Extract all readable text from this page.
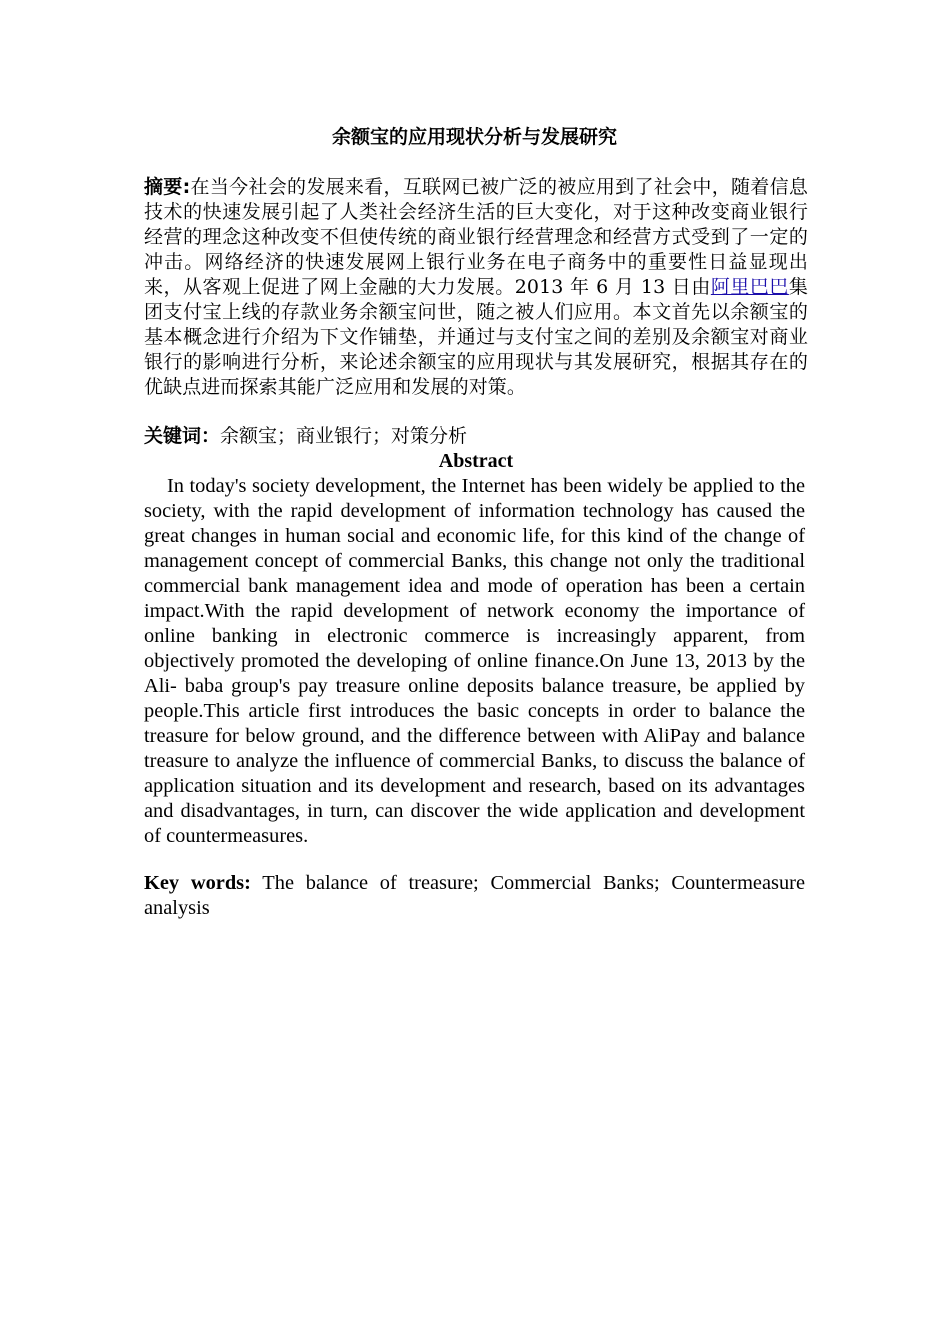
余额宝的应用现状分析与发展研究
摘要:在当今社会的发展来看，互联网已被广泛的被应用到了社会中，随着信息技术的快速发展引起了人类社会经济生活的巨大变化，对于这种改变商业银行经营的理念这种改变不但使传统的商业银行经营理念和经营方式受到了一定的冲击。网络经济的快速发展网上银行业务在电子商务中的重要性日益显现出来，从客观上促进了网上金融的大力发展。2013 年 6 月 13 日由阿里巴巴集团支付宝上线的存款业务余额宝问世，随之被人们应用。本文首先以余额宝的基本概念进行介绍为下文作铺垫，并通过与支付宝之间的差别及余额宝对商业银行的影响进行分析，来论述余额宝的应用现状与其发展研究，根据其存在的优缺点进而探索其能广泛应用和发展的对策。
关键词：余额宝；商业银行；对策分析
Abstract
In today's society development, the Internet has been widely be applied to the society, with the rapid development of information technology has caused the great changes in human social and economic life, for this kind of the change of management concept of commercial Banks, this change not only the traditional commercial bank management idea and mode of operation has been a certain impact.With the rapid development of network economy the importance of online banking in electronic commerce is increasingly apparent, from objectively promoted the developing of online finance.On June 13, 2013 by the Ali- baba group's pay treasure online deposits balance treasure, be applied by people.This article first introduces the basic concepts in order to balance the treasure for below ground, and the difference between with AliPay and balance treasure to analyze the influence of commercial Banks, to discuss the balance of application situation and its development and research, based on its advantages and disadvantages, in turn, can discover the wide application and development of countermeasures.
Key words: The balance of treasure; Commercial Banks; Countermeasure analysis
